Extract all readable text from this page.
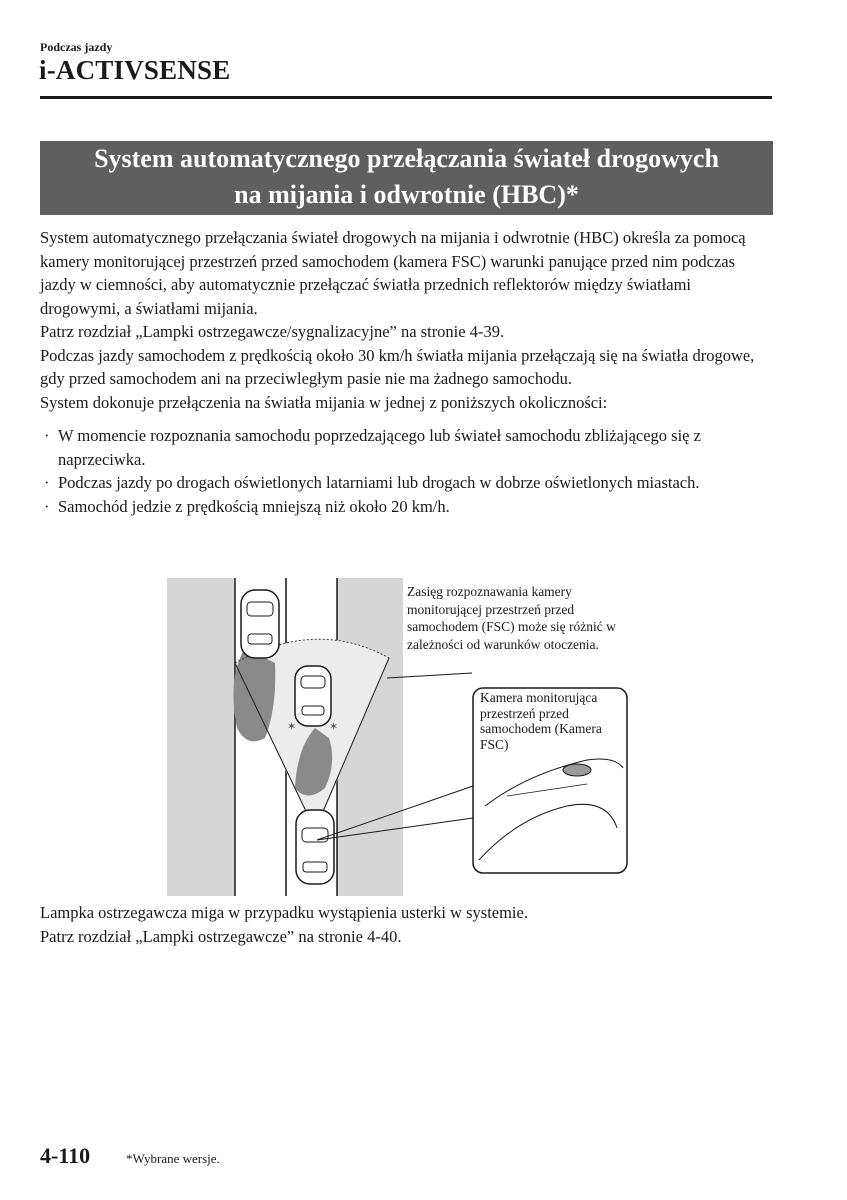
Podczas jazdy
i-ACTIVSENSE
System automatycznego przełączania świateł drogowych
na mijania i odwrotnie (HBC)*

System automatycznego przełączania świateł drogowych na mijania i odwrotnie (HBC) określa za pomocą kamery monitorującej przestrzeń przed samochodem (kamera FSC) warunki panujące przed nim podczas jazdy w ciemności, aby automatycznie przełączać światła przednich reflektorów między światłami drogowymi, a światłami mijania.

Patrz rozdział „Lampki ostrzegawcze/sygnalizacyjne” na stronie 4-39.

Podczas jazdy samochodem z prędkością około 30 km/h światła mijania przełączają się na światła drogowe, gdy przed samochodem ani na przeciwległym pasie nie ma żadnego samochodu.

System dokonuje przełączenia na światła mijania w jednej z poniższych okoliczności:

· W momencie rozpoznania samochodu poprzedzającego lub świateł samochodu zbliżającego się z naprzeciwka.
· Podczas jazdy po drogach oświetlonych latarniami lub drogach w dobrze oświetlonych miastach.
· Samochód jedzie z prędkością mniejszą niż około 20 km/h.
✶	✶
Zasięg rozpoznawania kamery monitorującej przestrzeń przed samochodem (FSC) może się różnić w zależności od warunków otoczenia.
Kamera monitorująca przestrzeń przed samochodem (Kamera FSC)

Lampka ostrzegawcza miga w przypadku wystąpienia usterki w systemie.

Patrz rozdział „Lampki ostrzegawcze” na stronie 4-40.

4-110	*Wybrane wersje.
